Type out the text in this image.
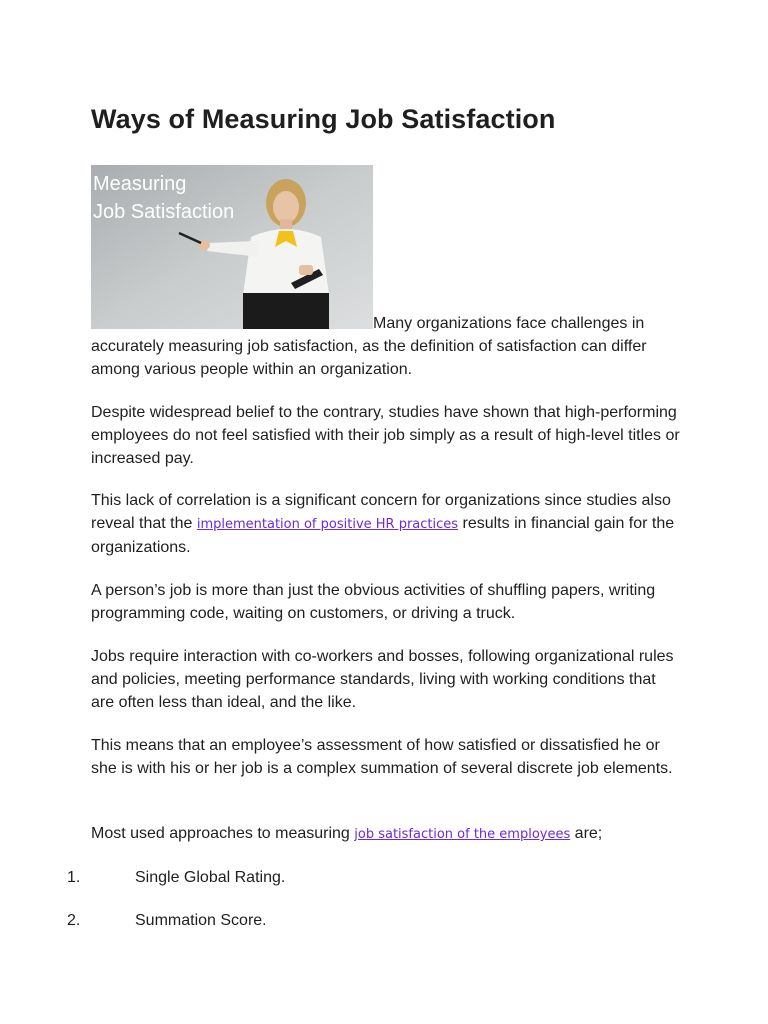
Ways of Measuring Job Satisfaction
Measuring
Job Satisfaction

Many organizations face challenges in accurately measuring job satisfaction, as the definition of satisfaction can differ among various people within an organization.

Despite widespread belief to the contrary, studies have shown that high-performing employees do not feel satisfied with their job simply as a result of high-level titles or increased pay.

This lack of correlation is a significant concern for organizations since studies also reveal that the implementation of positive HR practices results in financial gain for the organizations.

A person’s job is more than just the obvious activities of shuffling papers, writing programming code, waiting on customers, or driving a truck.

Jobs require interaction with co-workers and bosses, following organizational rules and policies, meeting performance standards, living with working conditions that are often less than ideal, and the like.

This means that an employee’s assessment of how satisfied or dissatisfied he or she is with his or her job is a complex summation of several discrete job elements.

Most used approaches to measuring job satisfaction of the employees are;

1.	Single Global Rating.
2.	Summation Score.
